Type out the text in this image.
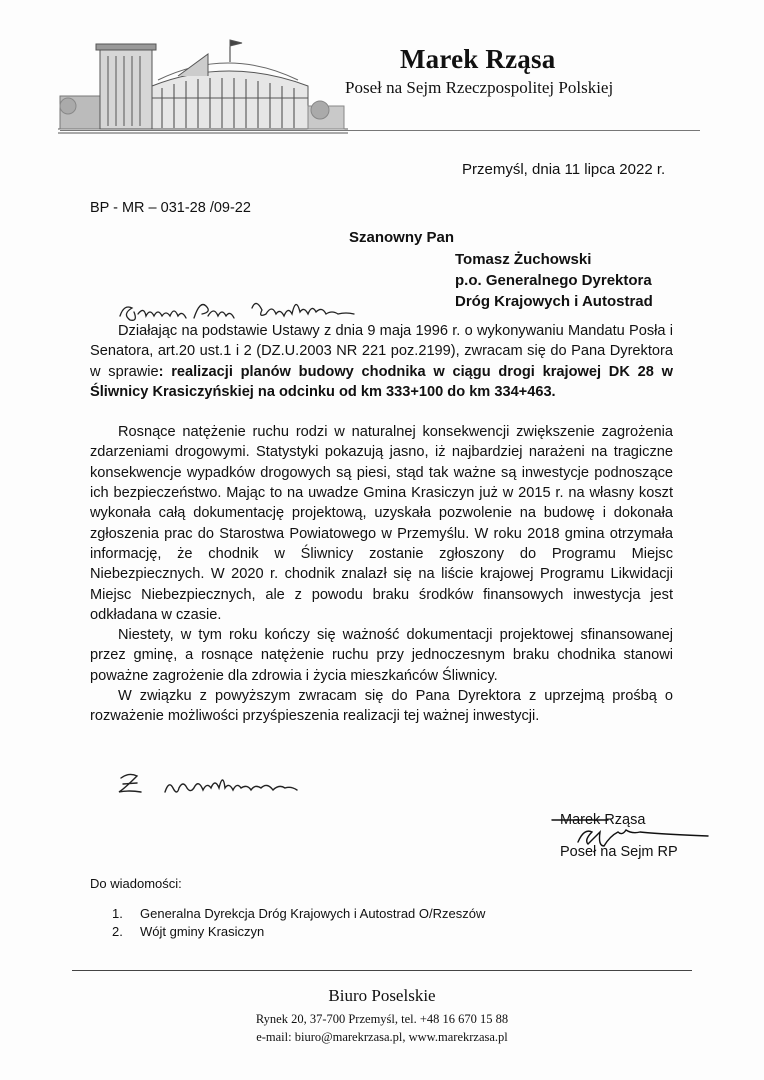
Marek Rząsa
Poseł na Sejm Rzeczpospolitej Polskiej
Przemyśl, dnia 11 lipca 2022 r.
BP - MR – 031-28 /09-22
Szanowny Pan
Tomasz Żuchowski
p.o. Generalnego Dyrektora
Dróg Krajowych i Autostrad

Działając na podstawie Ustawy z dnia 9 maja 1996 r. o wykonywaniu Mandatu Posła i Senatora, art.20 ust.1 i 2 (DZ.U.2003 NR 221 poz.2199), zwracam się do Pana Dyrektora w sprawie: realizacji planów budowy chodnika w ciągu drogi krajowej DK 28 w Śliwnicy Krasiczyńskiej na odcinku od km 333+100 do km 334+463.

Rosnące natężenie ruchu rodzi w naturalnej konsekwencji zwiększenie zagrożenia zdarzeniami drogowymi. Statystyki pokazują jasno, iż najbardziej narażeni na tragiczne konsekwencje wypadków drogowych są piesi, stąd tak ważne są inwestycje podnoszące ich bezpieczeństwo. Mając to na uwadze Gmina Krasiczyn już w 2015 r. na własny koszt wykonała całą dokumentację projektową, uzyskała pozwolenie na budowę i dokonała zgłoszenia prac do Starostwa Powiatowego w Przemyślu. W roku 2018 gmina otrzymała informację, że chodnik w Śliwnicy zostanie zgłoszony do Programu Miejsc Niebezpiecznych. W 2020 r. chodnik znalazł się na liście krajowej Programu Likwidacji Miejsc Niebezpiecznych, ale z powodu braku środków finansowych inwestycja jest odkładana w czasie.

Niestety, w tym roku kończy się ważność dokumentacji projektowej sfinansowanej przez gminę, a rosnące natężenie ruchu przy jednoczesnym braku chodnika stanowi poważne zagrożenie dla zdrowia i życia mieszkańców Śliwnicy.

W związku z powyższym zwracam się do Pana Dyrektora z uprzejmą prośbą o rozważenie możliwości przyśpieszenia realizacji tej ważnej inwestycji.

Marek Rząsa
Poseł na Sejm RP
Do wiadomości:
1. Generalna Dyrekcja Dróg Krajowych i Autostrad O/Rzeszów
2. Wójt gminy Krasiczyn
Biuro Poselskie
Rynek 20, 37-700 Przemyśl, tel. +48 16 670 15 88
e-mail: biuro@marekrzasa.pl, www.marekrzasa.pl
